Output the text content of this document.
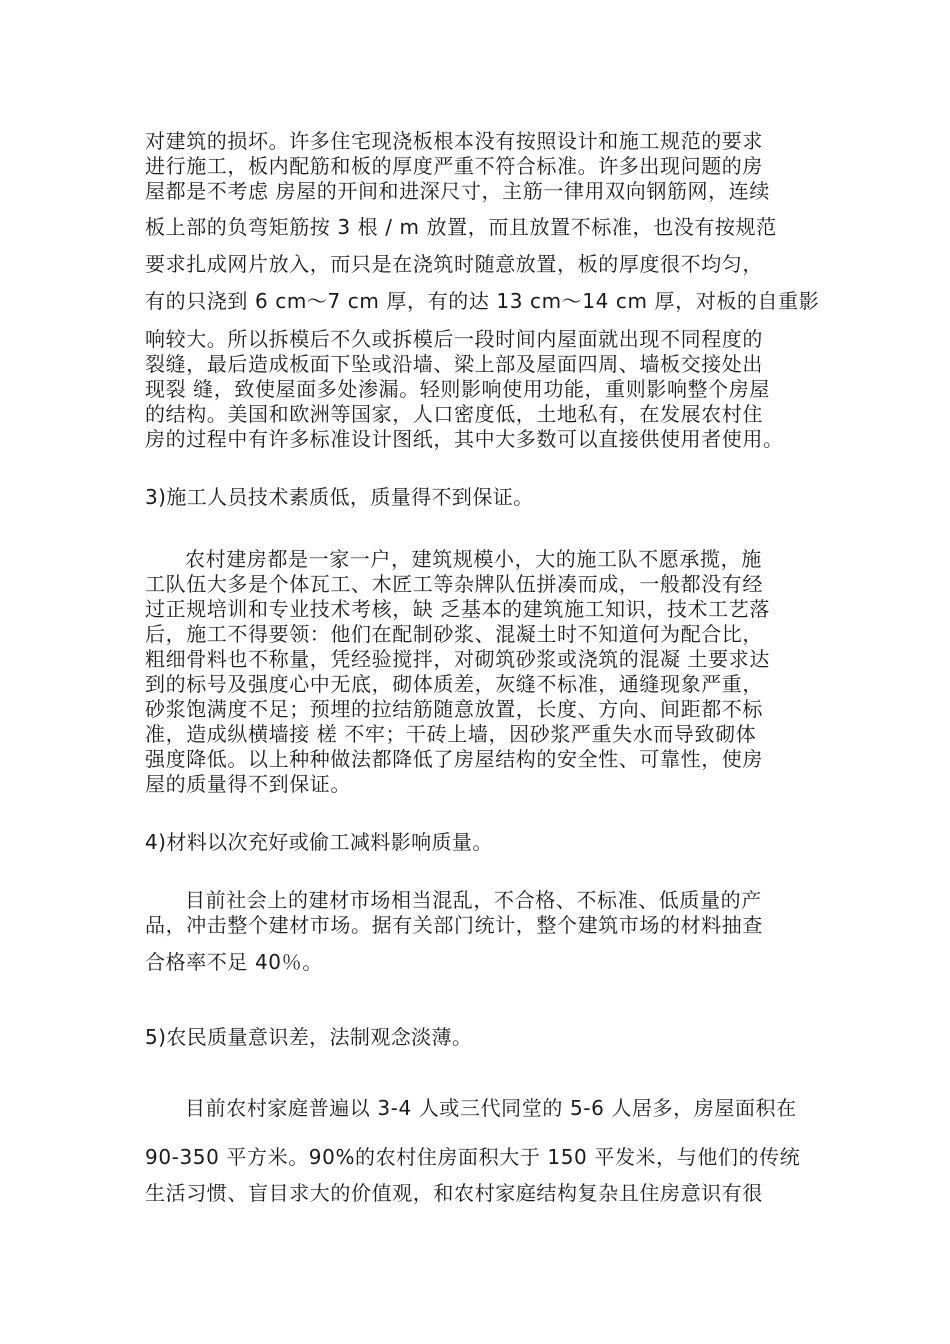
对建筑的损坏。许多住宅现浇板根本没有按照设计和施工规范的要求
进行施工，板内配筋和板的厚度严重不符合标准。许多出现问题的房
屋都是不考虑 房屋的开间和进深尺寸，主筋一律用双向钢筋网，连续
板上部的负弯矩筋按 3 根 / m 放置，而且放置不标准，也没有按规范
要求扎成网片放入，而只是在浇筑时随意放置，板的厚度很不均匀，
有的只浇到 6 cm～7 cm 厚，有的达 13 cm～14 cm 厚，对板的自重影
响较大。所以拆模后不久或拆模后一段时间内屋面就出现不同程度的
裂缝，最后造成板面下坠或沿墙、梁上部及屋面四周、墙板交接处出
现裂 缝，致使屋面多处渗漏。轻则影响使用功能，重则影响整个房屋
的结构。美国和欧洲等国家，人口密度低，土地私有，在发展农村住
房的过程中有许多标准设计图纸，其中大多数可以直接供使用者使用。
3)施工人员技术素质低，质量得不到保证。
农村建房都是一家一户，建筑规模小，大的施工队不愿承揽，施
工队伍大多是个体瓦工、木匠工等杂牌队伍拼凑而成，一般都没有经
过正规培训和专业技术考核，缺 乏基本的建筑施工知识，技术工艺落
后，施工不得要领：他们在配制砂浆、混凝土时不知道何为配合比，
粗细骨料也不称量，凭经验搅拌，对砌筑砂浆或浇筑的混凝 土要求达
到的标号及强度心中无底，砌体质差，灰缝不标准，通缝现象严重，
砂浆饱满度不足；预埋的拉结筋随意放置，长度、方向、间距都不标
准，造成纵横墙接 槎 不牢；干砖上墙，因砂浆严重失水而导致砌体
强度降低。以上种种做法都降低了房屋结构的安全性、可靠性，使房
屋的质量得不到保证。
4)材料以次充好或偷工减料影响质量。
目前社会上的建材市场相当混乱，不合格、不标准、低质量的产
品，冲击整个建材市场。据有关部门统计，整个建筑市场的材料抽查
合格率不足 40％。
5)农民质量意识差，法制观念淡薄。
目前农村家庭普遍以 3-4 人或三代同堂的 5-6 人居多，房屋面积在
90-350 平方米。90%的农村住房面积大于 150 平发米，与他们的传统
生活习惯、盲目求大的价值观，和农村家庭结构复杂且住房意识有很
